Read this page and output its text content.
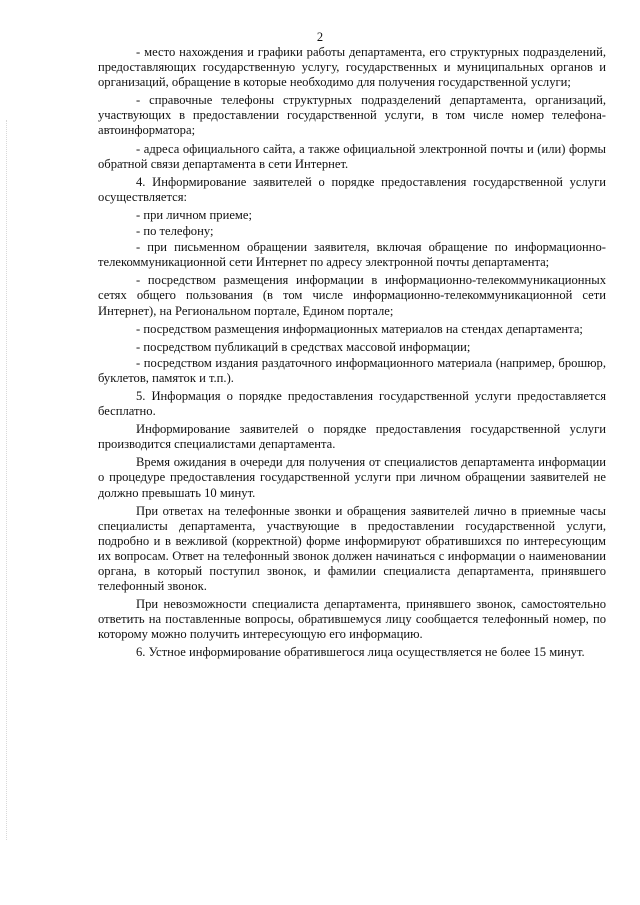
2

- место нахождения и графики работы департамента, его структурных подразделений, предоставляющих государственную услугу, государственных и муниципальных органов и организаций, обращение в которые необходимо для получения государственной услуги;

- справочные телефоны структурных подразделений департамента, организаций, участвующих в предоставлении государственной услуги, в том числе номер телефона-автоинформатора;

- адреса официального сайта, а также официальной электронной почты и (или) формы обратной связи департамента в сети Интернет.

4. Информирование заявителей о порядке предоставления государственной услуги осуществляется:

- при личном приеме;

- по телефону;

- при письменном обращении заявителя, включая обращение по информационно-телекоммуникационной сети Интернет по адресу электронной почты департамента;

- посредством размещения информации в информационно-телекоммуникационных сетях общего пользования (в том числе информационно-телекоммуникационной сети Интернет), на Региональном портале, Едином портале;

- посредством размещения информационных материалов на стендах департамента;

- посредством публикаций в средствах массовой информации;

- посредством издания раздаточного информационного материала (например, брошюр, буклетов, памяток и т.п.).

5. Информация о порядке предоставления государственной услуги предоставляется бесплатно.

Информирование заявителей о порядке предоставления государственной услуги производится специалистами департамента.

Время ожидания в очереди для получения от специалистов департамента информации о процедуре предоставления государственной услуги при личном обращении заявителей не должно превышать 10 минут.

При ответах на телефонные звонки и обращения заявителей лично в приемные часы специалисты департамента, участвующие в предоставлении государственной услуги, подробно и в вежливой (корректной) форме информируют обратившихся по интересующим их вопросам. Ответ на телефонный звонок должен начинаться с информации о наименовании органа, в который поступил звонок, и фамилии специалиста департамента, принявшего телефонный звонок.

При невозможности специалиста департамента, принявшего звонок, самостоятельно ответить на поставленные вопросы, обратившемуся лицу сообщается телефонный номер, по которому можно получить интересующую его информацию.

6. Устное информирование обратившегося лица осуществляется не более 15 минут.
